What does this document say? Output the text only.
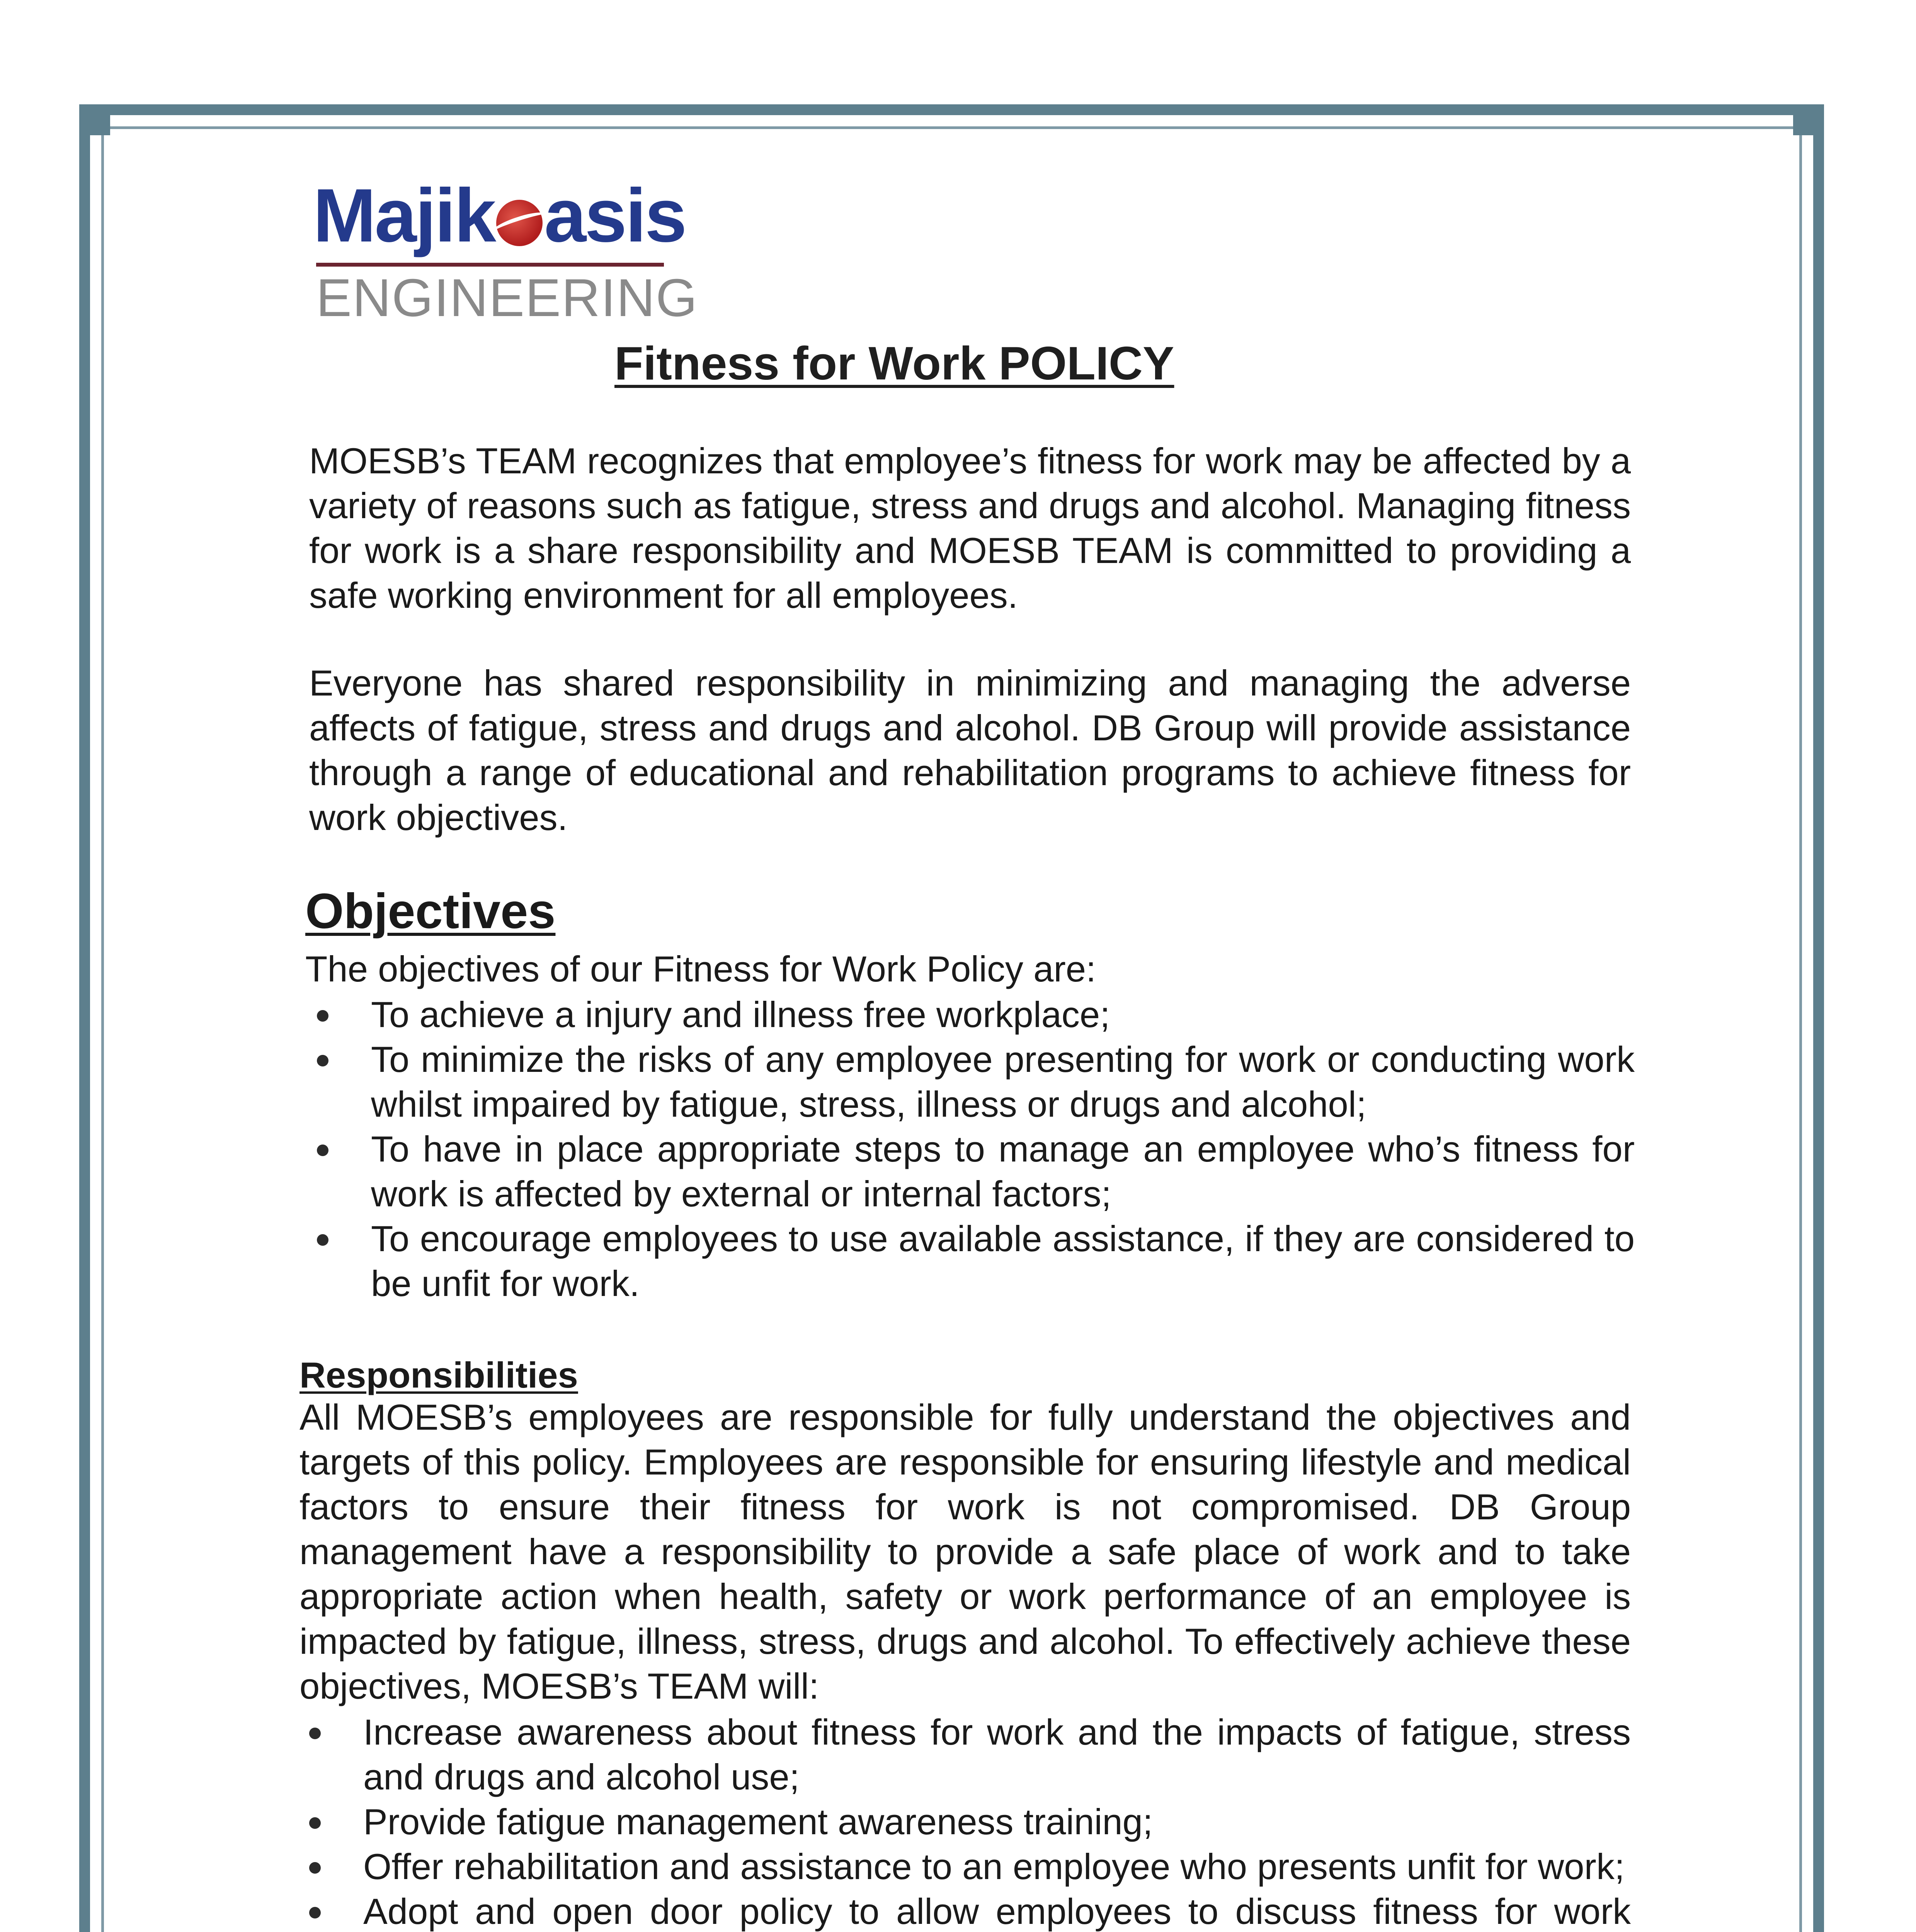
Majik asis
ENGINEERING
Fitness for Work POLICY

MOESB’s TEAM recognizes that employee’s fitness for work may be affected by a variety of reasons such as fatigue, stress and drugs and alcohol. Managing fitness for work is a share responsibility and MOESB TEAM is committed to providing a safe working environment for all employees.

Everyone has shared responsibility in minimizing and managing the adverse affects of fatigue, stress and drugs and alcohol. DB Group will provide assistance through a range of educational and rehabilitation programs to achieve fitness for work objectives.

Objectives

The objectives of our Fitness for Work Policy are:

To achieve a injury and illness free workplace;
To minimize the risks of any employee presenting for work or conducting work whilst impaired by fatigue, stress, illness or drugs and alcohol;
To have in place appropriate steps to manage an employee who’s fitness for work is affected by external or internal factors;
To encourage employees to use available assistance, if they are considered to be unfit for work.
Responsibilities

All MOESB’s employees are responsible for fully understand the objectives and targets of this policy. Employees are responsible for ensuring lifestyle and medical factors to ensure their fitness for work is not compromised. DB Group management have a responsibility to provide a safe place of work and to take appropriate action when health, safety or work performance of an employee is impacted by fatigue, illness, stress, drugs and alcohol. To effectively achieve these objectives, MOESB’s TEAM will:

Increase awareness about fitness for work and the impacts of fatigue, stress and drugs and alcohol use;
Provide fatigue management awareness training;
Offer rehabilitation and assistance to an employee who presents unfit for work;
Adopt and open door policy to allow employees to discuss fitness for work
